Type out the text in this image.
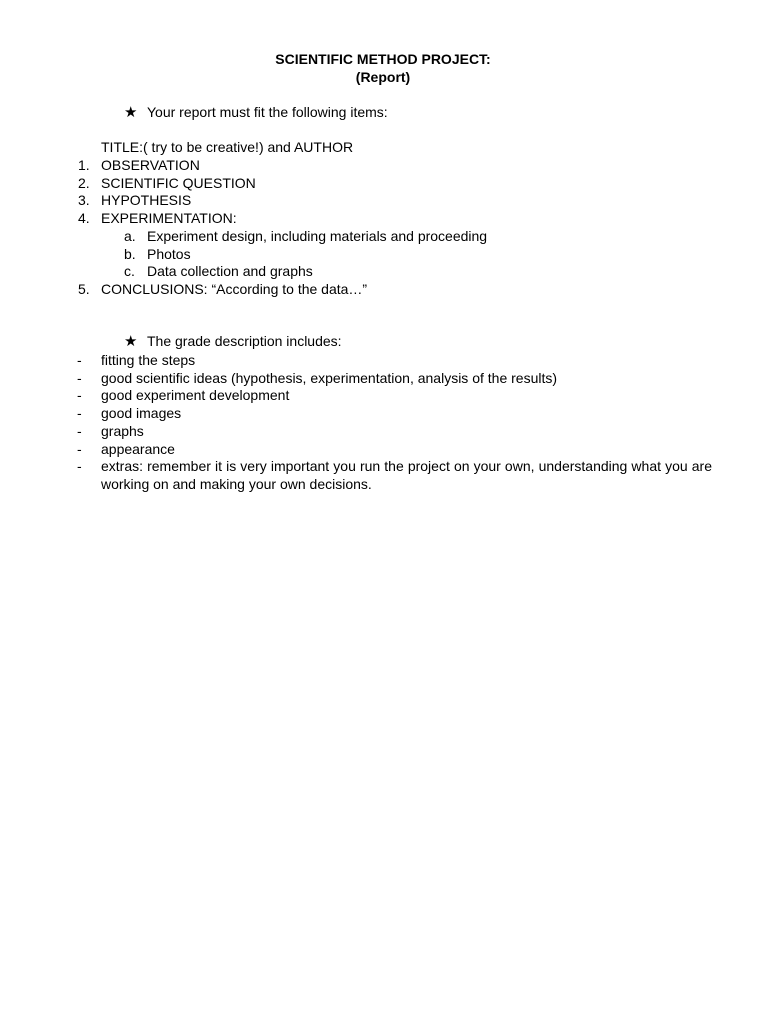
SCIENTIFIC METHOD PROJECT:
(Report)
★ Your report must fit the following items:
TITLE:( try to be creative!) and AUTHOR
1. OBSERVATION
2. SCIENTIFIC QUESTION
3. HYPOTHESIS
4. EXPERIMENTATION:
a. Experiment design, including materials and proceeding
b. Photos
c. Data collection and graphs
5. CONCLUSIONS: “According to the data…”
★ The grade description includes:
-	fitting the steps
-	good scientific ideas (hypothesis, experimentation, analysis of the results)
-	good experiment development
-	good images
-	graphs
-	appearance
-	extras: remember it is very important you run the project on your own, understanding what you are working on and making your own decisions.
